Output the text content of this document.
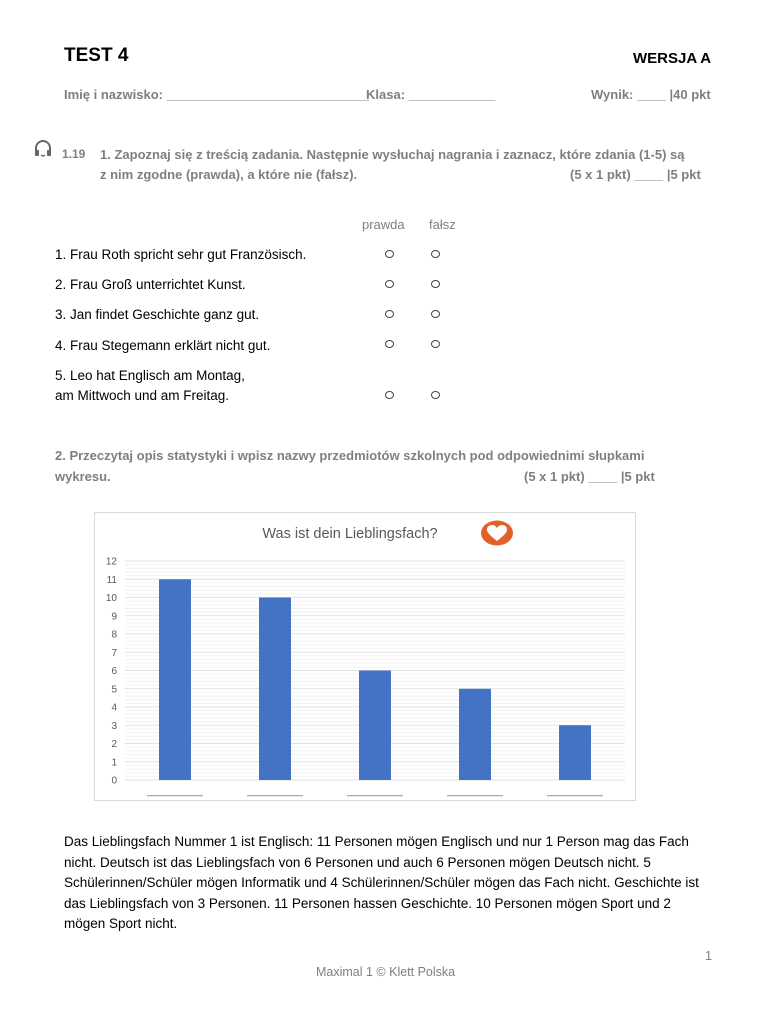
TEST 4	WERSJA A
Imię i nazwisko: ____________________________
Klasa: ____________	Wynik: ____ |40 pkt
1.19 1. Zapoznaj się z treścią zadania. Następnie wysłuchaj nagrania i zaznacz, które zdania (1-5) są
z nim zgodne (prawda), a które nie (fałsz).	(5 x 1 pkt) ____ |5 pkt
prawda fałsz
1. Frau Roth spricht sehr gut Französisch.
2. Frau Groß unterrichtet Kunst.
3. Jan findet Geschichte ganz gut.
4. Frau Stegemann erklärt nicht gut.
5. Leo hat Englisch am Montag,
am Mittwoch und am Freitag.
2. Przeczytaj opis statystyki i wpisz nazwy przedmiotów szkolnych pod odpowiednimi słupkami
wykresu.	(5 x 1 pkt) ____ |5 pkt
Was ist dein Lieblingsfach?
0
1
2
3
4
5
6
7
8
9
10
11
12
__________	__________	__________	__________	__________
Das Lieblingsfach Nummer 1 ist Englisch: 11 Personen mögen Englisch und nur 1 Person mag das Fach nicht. Deutsch ist das Lieblingsfach von 6 Personen und auch 6 Personen mögen Deutsch nicht. 5 Schülerinnen/Schüler mögen Informatik und 4 Schülerinnen/Schüler mögen das Fach nicht. Geschichte ist das Lieblingsfach von 3 Personen. 11 Personen hassen Geschichte. 10 Personen mögen Sport und 2 mögen Sport nicht.
1
Maximal 1 © Klett Polska
